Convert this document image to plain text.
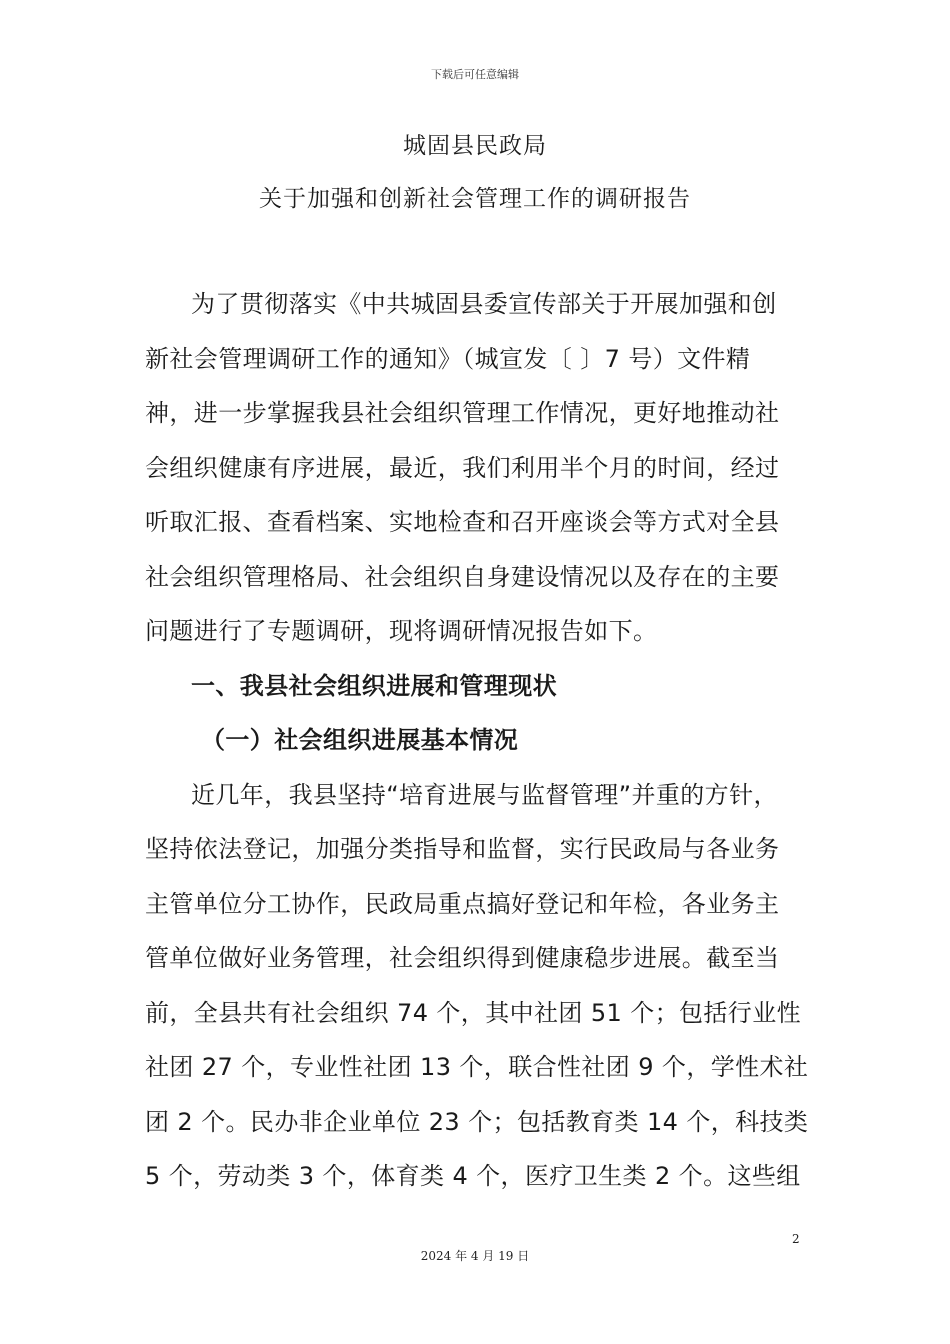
下载后可任意编辑
城固县民政局
关于加强和创新社会管理工作的调研报告
为了贯彻落实《中共城固县委宣传部关于开展加强和创
新社会管理调研工作的通知》（城宣发〔 〕7 号）文件精
神，进一步掌握我县社会组织管理工作情况，更好地推动社
会组织健康有序进展，最近，我们利用半个月的时间，经过
听取汇报、查看档案、实地检查和召开座谈会等方式对全县
社会组织管理格局、社会组织自身建设情况以及存在的主要
问题进行了专题调研，现将调研情况报告如下。
一、我县社会组织进展和管理现状
（一）社会组织进展基本情况
近几年，我县坚持“培育进展与监督管理”并重的方针，
坚持依法登记，加强分类指导和监督，实行民政局与各业务
主管单位分工协作，民政局重点搞好登记和年检，各业务主
管单位做好业务管理，社会组织得到健康稳步进展。截至当
前，全县共有社会组织 74 个，其中社团 51 个；包括行业性
社团 27 个，专业性社团 13 个，联合性社团 9 个，学性术社
团 2 个。民办非企业单位 23 个；包括教育类 14 个，科技类
5 个，劳动类 3 个，体育类 4 个，医疗卫生类 2 个。这些组
2
2024 年 4 月 19 日
